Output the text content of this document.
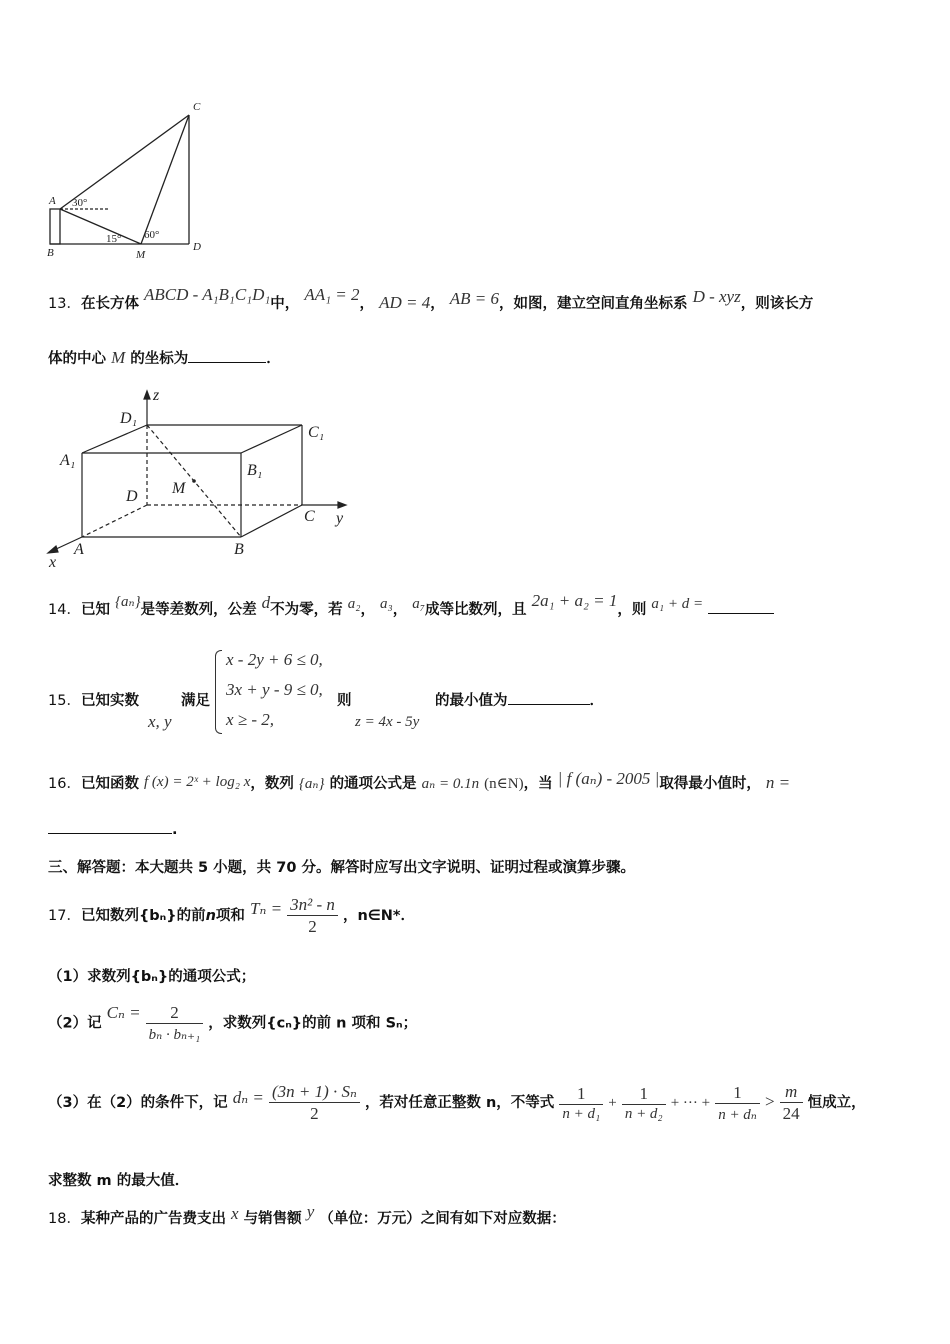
A
B
C
D
M
30°
15° 60°
13．在长方体 ABCD - A₁B₁C₁D₁中， AA₁ = 2， AD = 4， AB = 6，如图，建立空间直角坐标系 D - xyz，则该长方
体的中心 M 的坐标为	．
D₁
C₁
A₁
B₁
D M
C
A	B
x
y
z
14．已知 {aₙ}是等差数列，公差 d不为零，若 a₂， a₃， a₇成等比数列，且 2a₁ + a₂ = 1，则 a₁ + d =
15．已知实数
x, y
满足
x - 2y + 6 ≤ 0,
3x + y - 9 ≤ 0,
x ≥ - 2,
则
z = 4x - 5y
的最小值为	．
16．已知函数 f (x) = 2ˣ + log₂ x，数列 {aₙ} 的通项公式是 aₙ = 0.1n (n∈N)，当 | f (aₙ) - 2005 |取得最小值时， n =
.
三、解答题：本大题共 5 小题，共 70 分。解答时应写出文字说明、证明过程或演算步骤。
17．已知数列{bₙ}的前n项和 $T_n = \frac{\text{3n² - n}}{2}$ ，n∈N*．
（1）求数列{bₙ}的通项公式；
（2）记 $C_n = \frac{2}{\text{bₙ · bₙ₊₁}}$ ，求数列{cₙ}的前 n 项和 Sₙ；
（3）在（2）的条件下，记 $d_n = \frac{\text{(3n + 1) · Sₙ}}{2}$ ，若对任意正整数 n，不等式 $\frac{1}{\text{n + d₁}} + \frac{1}{\text{n + d₂}}$ + ··· + $\frac{1}{\text{n + dₙ}} > \frac{m}{24}$ 恒成立，
求整数 m 的最大值．
18．某种产品的广告费支出 x 与销售额 y （单位：万元）之间有如下对应数据：
